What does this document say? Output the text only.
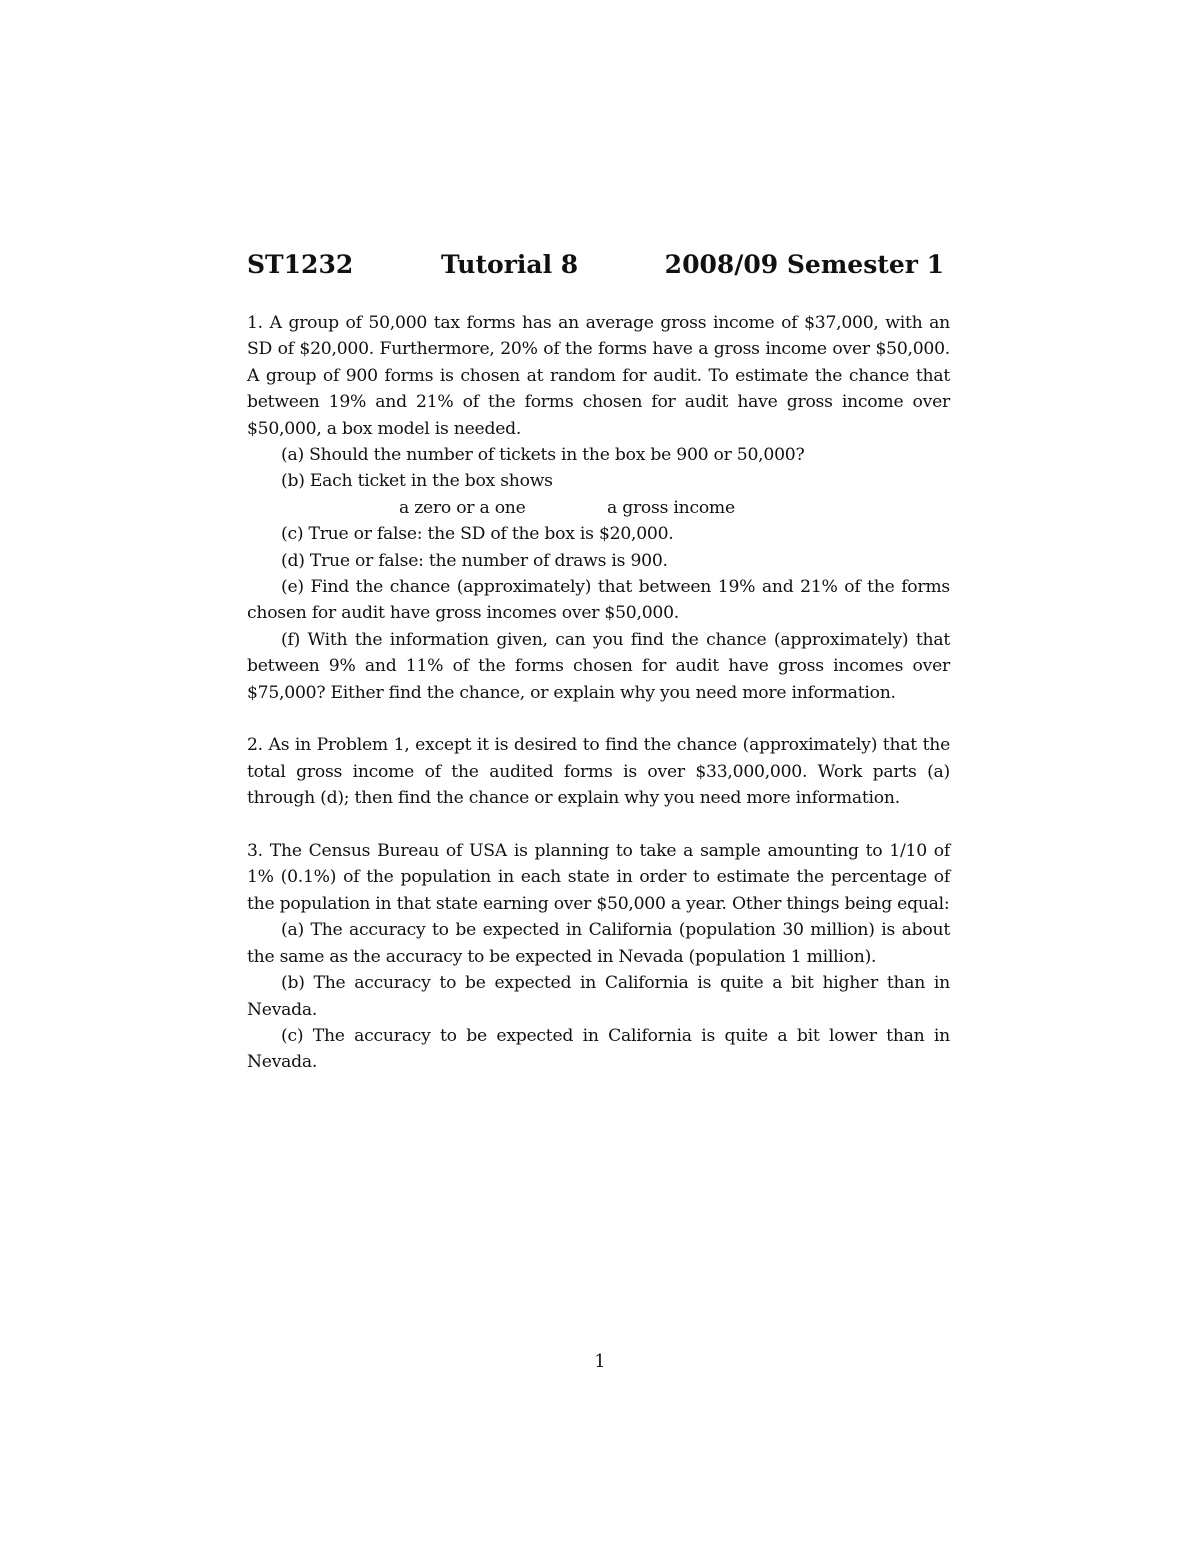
ST1232	Tutorial 8	2008/09 Semester 1

1. A group of 50,000 tax forms has an average gross income of $37,000, with an SD of $20,000. Furthermore, 20% of the forms have a gross income over $50,000. A group of 900 forms is chosen at random for audit. To estimate the chance that between 19% and 21% of the forms chosen for audit have gross income over $50,000, a box model is needed.

(a) Should the number of tickets in the box be 900 or 50,000?

(b) Each ticket in the box shows

a zero or a one	a gross income

(c) True or false: the SD of the box is $20,000.

(d) True or false: the number of draws is 900.

(e) Find the chance (approximately) that between 19% and 21% of the forms chosen for audit have gross incomes over $50,000.

(f) With the information given, can you find the chance (approximately) that between 9% and 11% of the forms chosen for audit have gross incomes over $75,000? Either find the chance, or explain why you need more information.

2. As in Problem 1, except it is desired to find the chance (approximately) that the total gross income of the audited forms is over $33,000,000. Work parts (a) through (d); then find the chance or explain why you need more information.

3. The Census Bureau of USA is planning to take a sample amounting to 1/10 of 1% (0.1%) of the population in each state in order to estimate the percentage of the population in that state earning over $50,000 a year. Other things being equal:

(a) The accuracy to be expected in California (population 30 million) is about the same as the accuracy to be expected in Nevada (population 1 million).

(b) The accuracy to be expected in California is quite a bit higher than in Nevada.

(c) The accuracy to be expected in California is quite a bit lower than in Nevada.

1
